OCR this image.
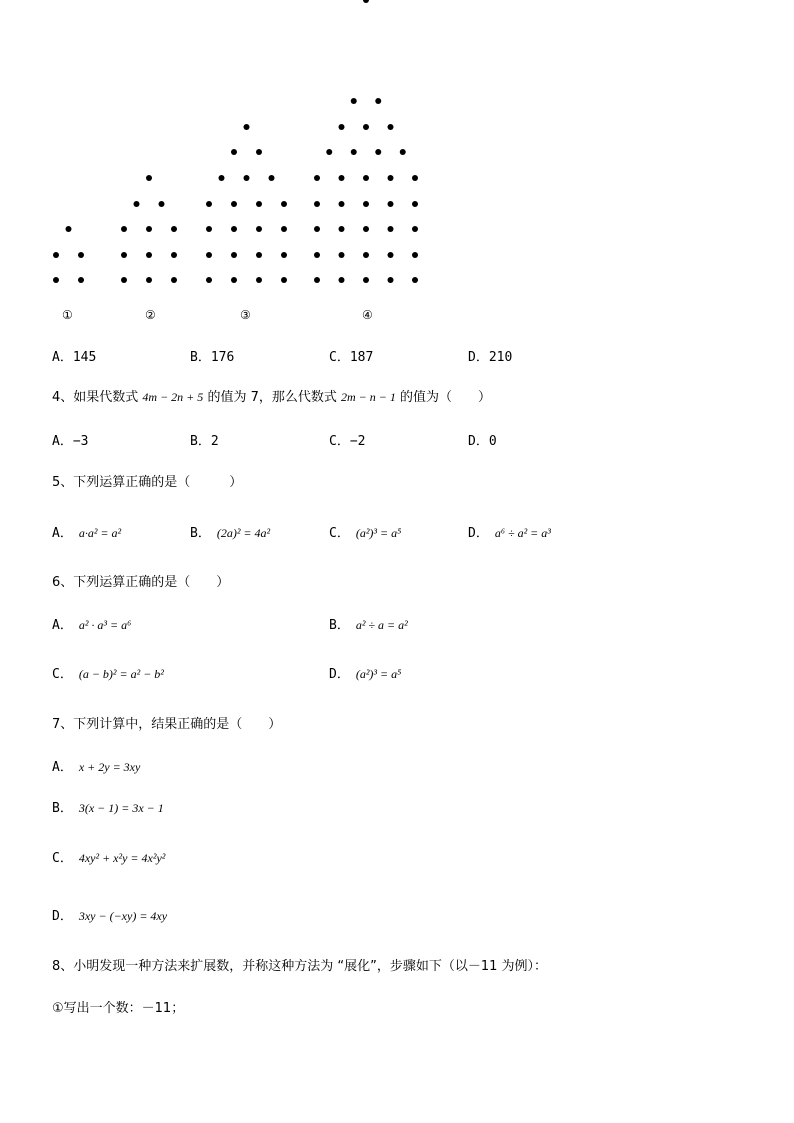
①	②	③	④
A．145	B．176	C．187	D．210
4、如果代数式 4m − 2n + 5 的值为 7，那么代数式 2m − n − 1 的值为（　　）
A．−3	B．2	C．−2	D．0
5、下列运算正确的是（　　　）
A． a·a² = a²	B． (2a)² = 4a²	C． (a²)³ = a⁵	D． a⁶ ÷ a² = a³
6、下列运算正确的是（　　）
A． a² · a³ = a⁶	B． a² ÷ a = a²
C． (a − b)² = a² − b²	D． (a²)³ = a⁵
7、下列计算中，结果正确的是（　　）
A． x + 2y = 3xy
B． 3(x − 1) = 3x − 1
C． 4xy² + x²y = 4x²y²
D． 3xy − (−xy) = 4xy
8、小明发现一种方法来扩展数，并称这种方法为 “展化”，步骤如下（以－11 为例）：
①写出一个数：－11；
